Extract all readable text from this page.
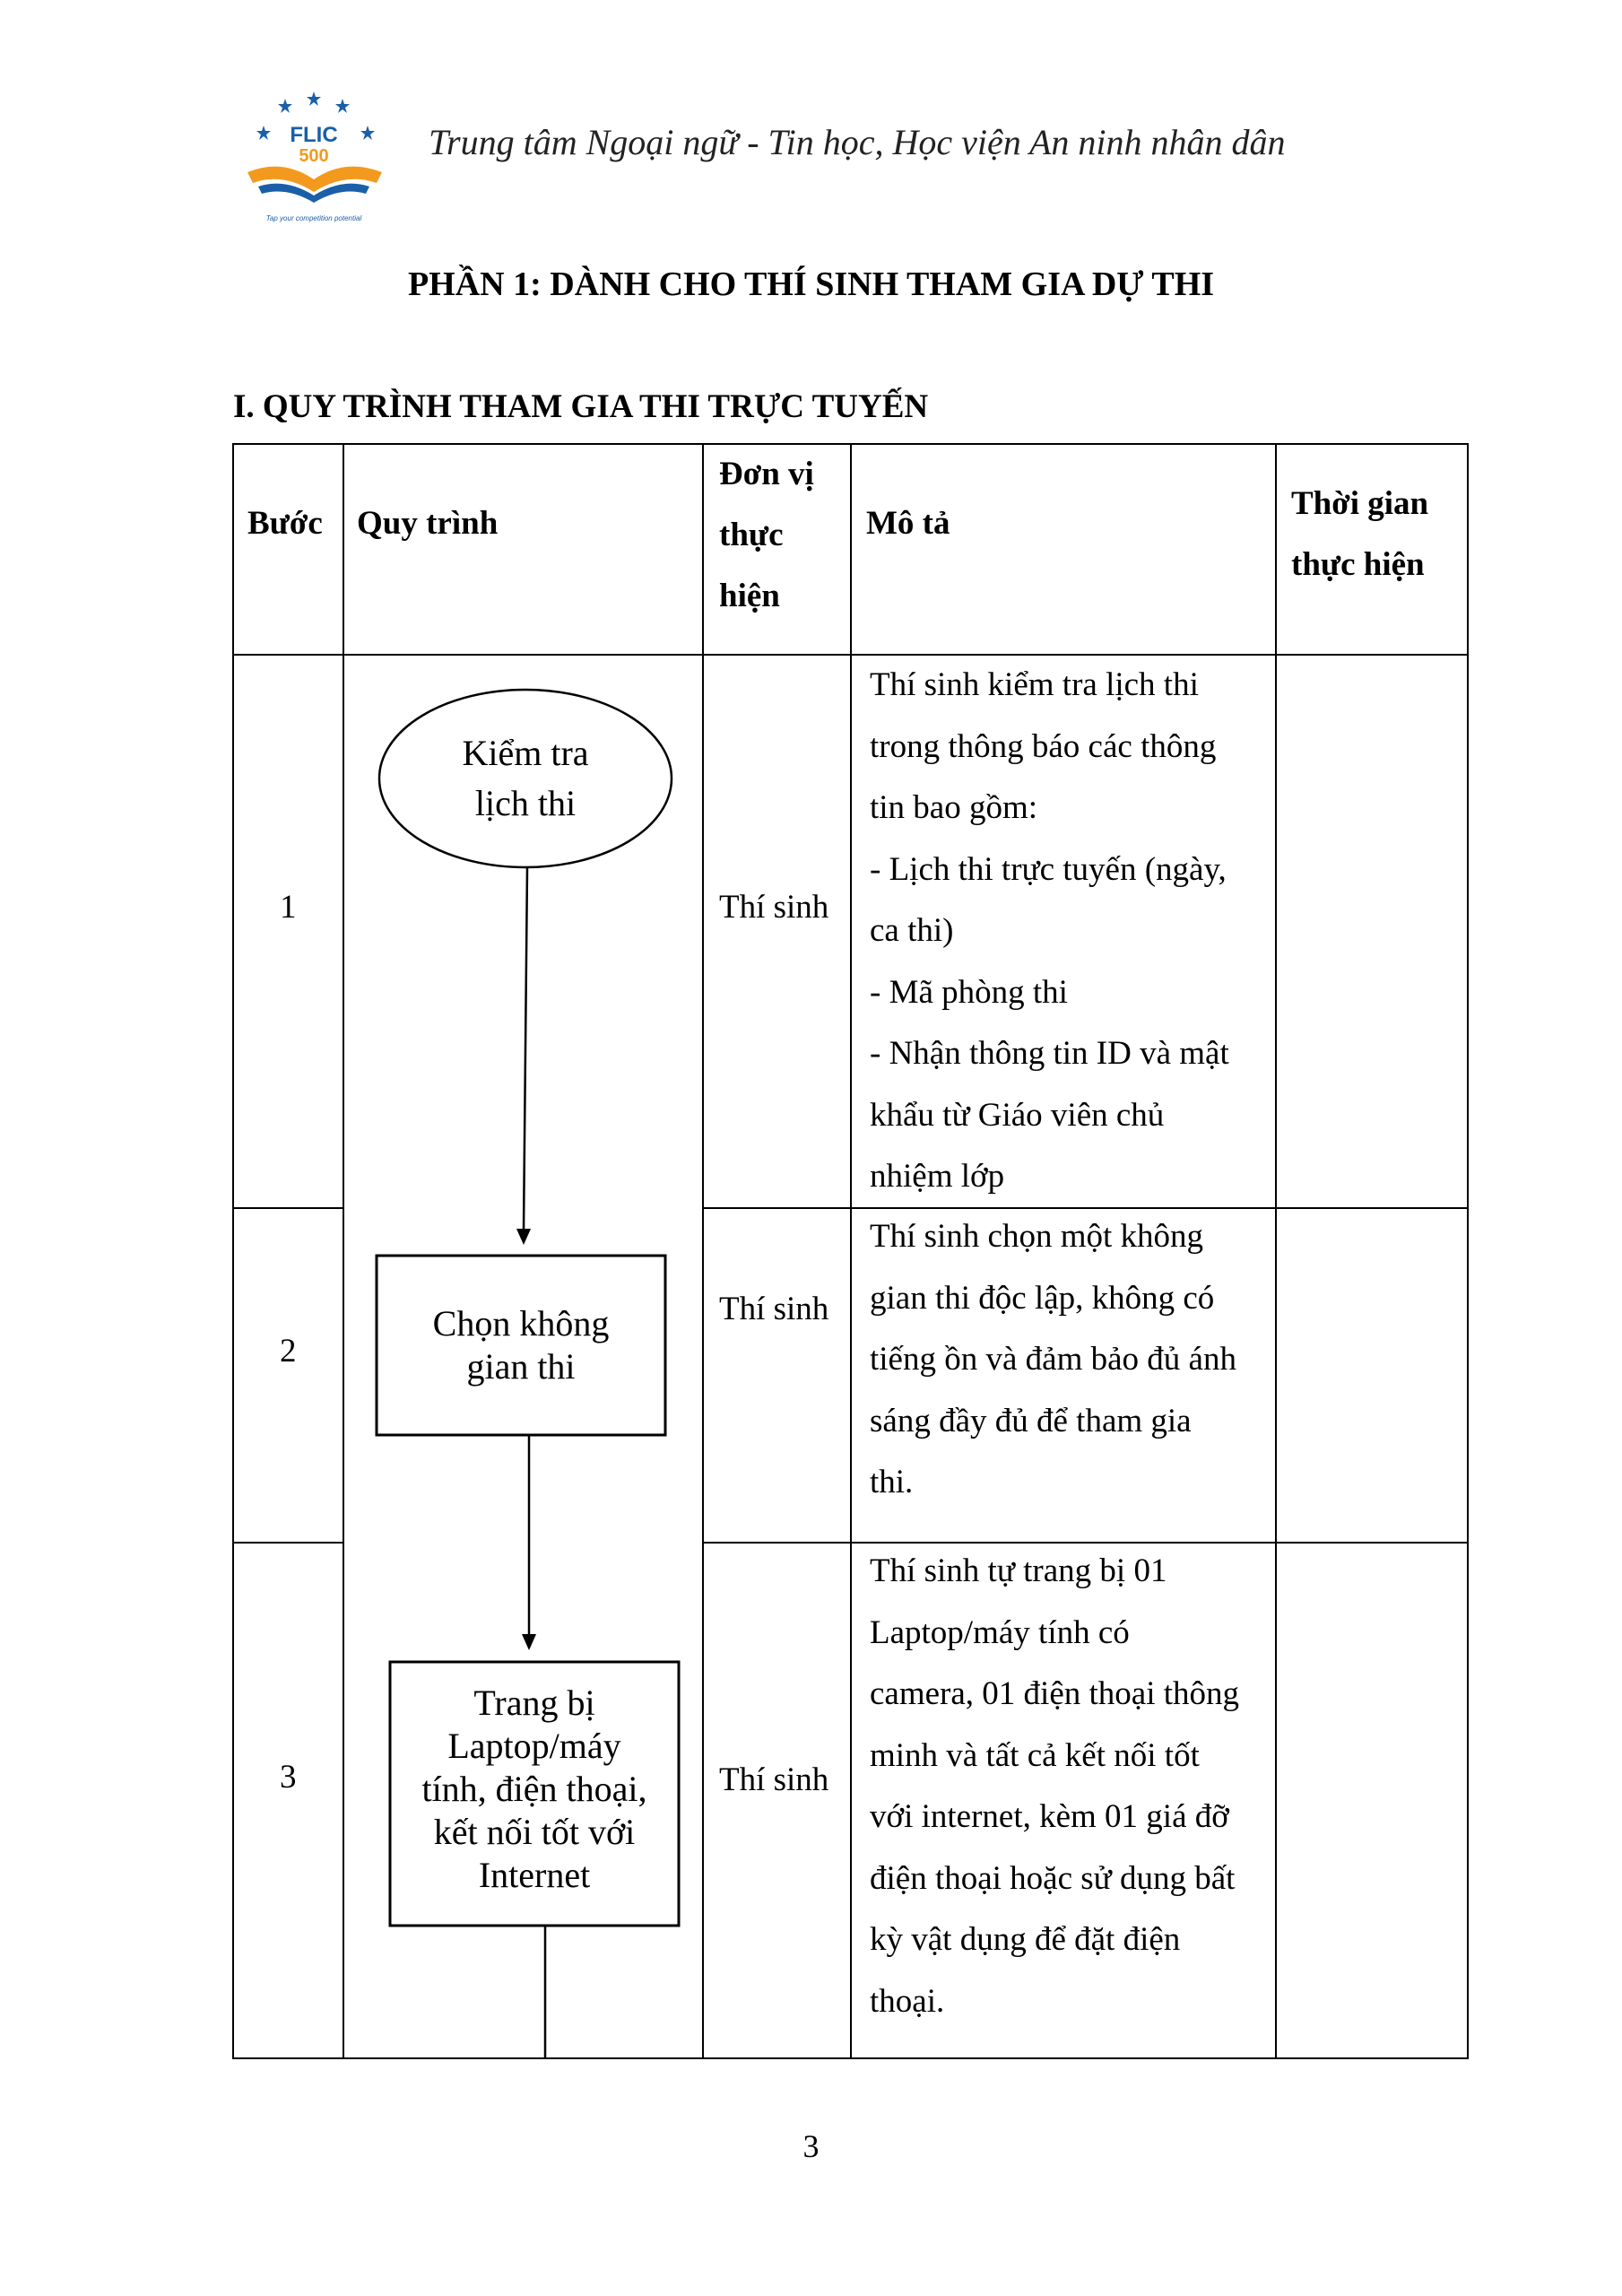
FLIC
500
Tap your competition potential
Trung tâm Ngoại ngữ - Tin học, Học viện An ninh nhân dân
PHẦN 1: DÀNH CHO THÍ SINH THAM GIA DỰ THI
I. QUY TRÌNH THAM GIA THI TRỰC TUYẾN
Bước Quy trình
Đơn vị
thực
hiện
Mô tả
Thời gian
thực hiện
1
2
3
Thí sinh
Thí sinh
Thí sinh
Thí sinh kiểm tra lịch thi
trong thông báo các thông
tin bao gồm:
- Lịch thi trực tuyến (ngày,
ca thi)
- Mã phòng thi
- Nhận thông tin ID và mật
khẩu từ Giáo viên chủ
nhiệm lớp
Thí sinh chọn một không
gian thi độc lập, không có
tiếng ồn và đảm bảo đủ ánh
sáng đầy đủ để tham gia
thi.
Thí sinh tự trang bị 01
Laptop/máy tính có
camera, 01 điện thoại thông
minh và tất cả kết nối tốt
với internet, kèm 01 giá đỡ
điện thoại hoặc sử dụng bất
kỳ vật dụng để đặt điện
thoại.
Kiểm tra
lịch thi
Chọn không
gian thi
Trang bị
Laptop/máy
tính, điện thoại,
kết nối tốt với
Internet
3
